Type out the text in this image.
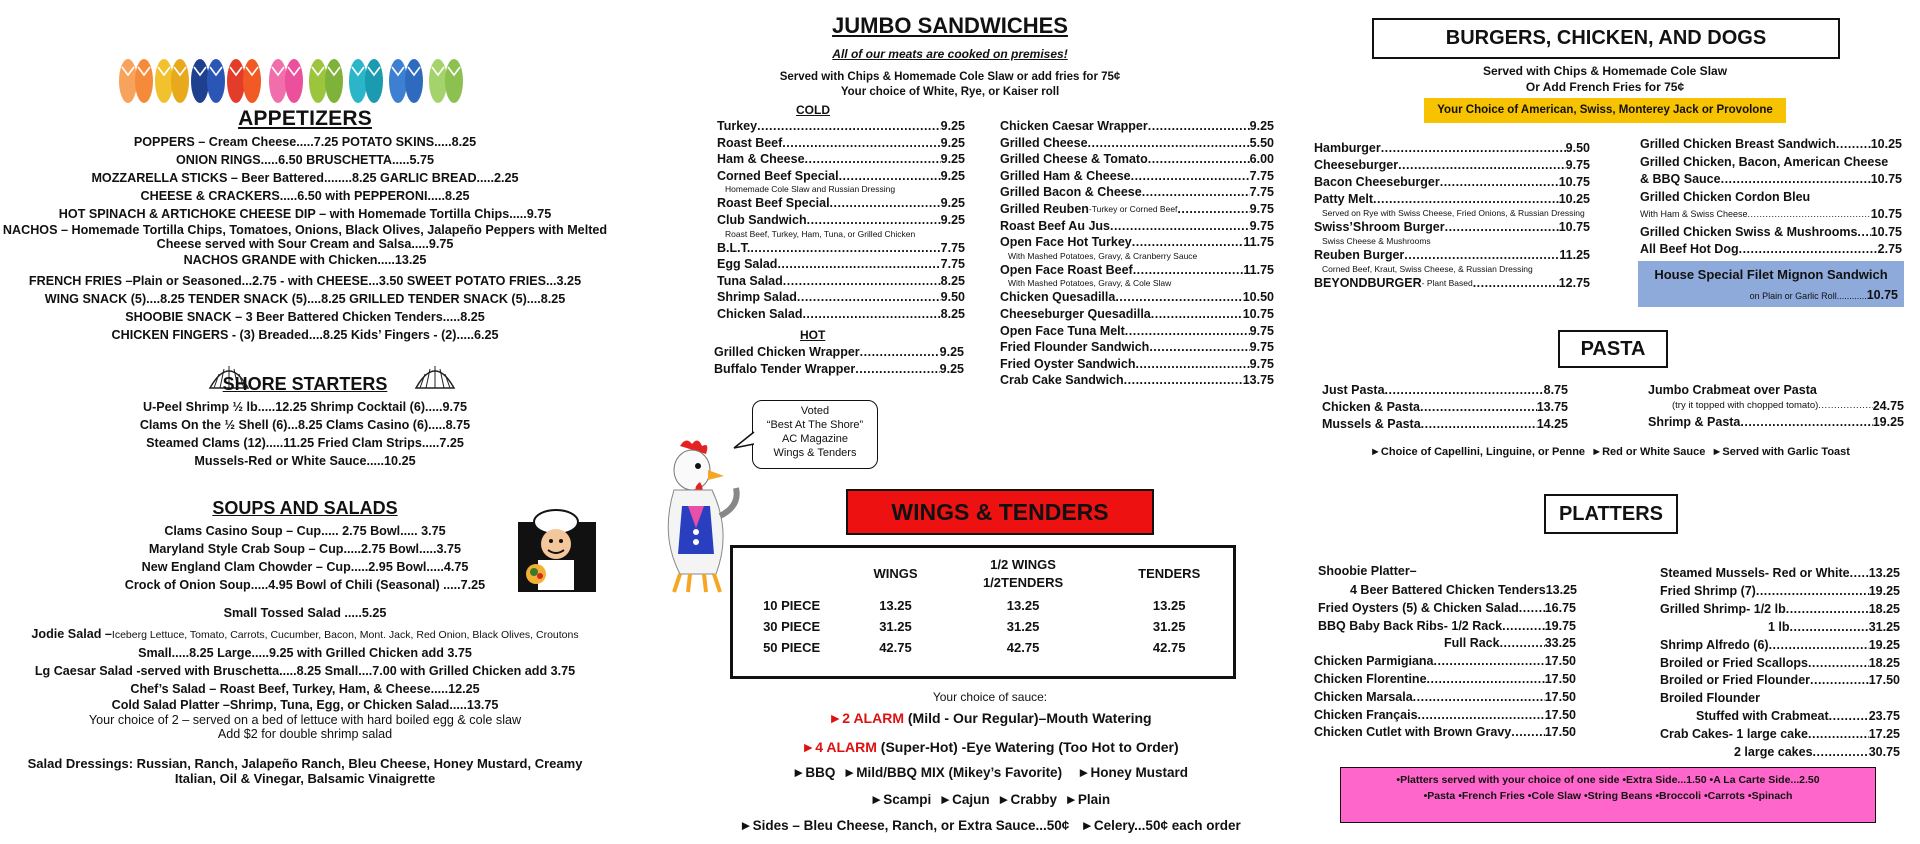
APPETIZERS
POPPERS – Cream Cheese.....7.25 POTATO SKINS.....8.25
ONION RINGS.....6.50 BRUSCHETTA.....5.75
MOZZARELLA STICKS – Beer Battered........8.25 GARLIC BREAD.....2.25
CHEESE & CRACKERS.....6.50 with PEPPERONI.....8.25
HOT SPINACH & ARTICHOKE CHEESE DIP – with Homemade Tortilla Chips.....9.75
NACHOS – Homemade Tortilla Chips, Tomatoes, Onions, Black Olives, Jalapeño Peppers with Melted
Cheese served with Sour Cream and Salsa.....9.75
NACHOS GRANDE with Chicken.....13.25
FRENCH FRIES –Plain or Seasoned...2.75 - with CHEESE...3.50 SWEET POTATO FRIES...3.25
WING SNACK (5)....8.25 TENDER SNACK (5)....8.25 GRILLED TENDER SNACK (5)....8.25
SHOOBIE SNACK – 3 Beer Battered Chicken Tenders.....8.25
CHICKEN FINGERS - (3) Breaded....8.25 Kids’ Fingers - (2).....6.25
SHORE STARTERS
U-Peel Shrimp ½ lb.....12.25 Shrimp Cocktail (6).....9.75
Clams On the ½ Shell (6)...8.25 Clams Casino (6).....8.75
Steamed Clams (12).....11.25 Fried Clam Strips.....7.25
Mussels-Red or White Sauce.....10.25
SOUPS AND SALADS
Clams Casino Soup – Cup..... 2.75 Bowl..... 3.75
Maryland Style Crab Soup – Cup.....2.75 Bowl.....3.75
New England Clam Chowder – Cup.....2.95 Bowl.....4.75
Crock of Onion Soup.....4.95 Bowl of Chili (Seasonal) .....7.25
Small Tossed Salad .....5.25
Jodie Salad –Iceberg Lettuce, Tomato, Carrots, Cucumber, Bacon, Mont. Jack, Red Onion, Black Olives, Croutons
Small.....8.25 Large.....9.25 with Grilled Chicken add 3.75
Lg Caesar Salad -served with Bruschetta.....8.25 Small....7.00 with Grilled Chicken add 3.75
Chef’s Salad – Roast Beef, Turkey, Ham, & Cheese.....12.25
Cold Salad Platter –Shrimp, Tuna, Egg, or Chicken Salad.....13.75
Your choice of 2 – served on a bed of lettuce with hard boiled egg & cole slaw
Add $2 for double shrimp salad
Salad Dressings: Russian, Ranch, Jalapeño Ranch, Bleu Cheese, Honey Mustard, Creamy
Italian, Oil & Vinegar, Balsamic Vinaigrette
JUMBO SANDWICHES
All of our meats are cooked on premises!
Served with Chips & Homemade Cole Slaw or add fries for 75¢
Your choice of White, Rye, or Kaiser roll
COLD
Turkey .....	9.25
Roast Beef .....	9.25
Ham & Cheese .....	9.25
Corned Beef Special .....	9.25
Homemade Cole Slaw and Russian Dressing
Roast Beef Special .....	9.25
Club Sandwich .....	9.25
Roast Beef, Turkey, Ham, Tuna, or Grilled Chicken
B.L.T. .....	7.75
Egg Salad .....	7.75
Tuna Salad .....	8.25
Shrimp Salad .....	9.50
Chicken Salad .....	8.25
HOT
Grilled Chicken Wrapper .....	9.25
Buffalo Tender Wrapper .....	9.25
Chicken Caesar Wrapper .....	9.25
Grilled Cheese .....	5.50
Grilled Cheese & Tomato .....	6.00
Grilled Ham & Cheese .....	7.75
Grilled Bacon & Cheese .....	7.75
Grilled Reuben -Turkey or Corned Beef .....	9.75
Roast Beef Au Jus .....	9.75
Open Face Hot Turkey .....	11.75
With Mashed Potatoes, Gravy, & Cranberry Sauce
Open Face Roast Beef .....	11.75
With Mashed Potatoes, Gravy, & Cole Slaw
Chicken Quesadilla .....	10.50
Cheeseburger Quesadilla .....	10.75
Open Face Tuna Melt .....	9.75
Fried Flounder Sandwich .....	9.75
Fried Oyster Sandwich .....	9.75
Crab Cake Sandwich .....	13.75
Voted
“Best At The Shore”
AC Magazine
Wings & Tenders
WINGS & TENDERS
	WINGS	1/2 WINGS
1/2TENDERS	TENDERS
10 PIECE	13.25	13.25	13.25
30 PIECE	31.25	31.25	31.25
50 PIECE	42.75	42.75	42.75
Your choice of sauce:
►2 ALARM (Mild - Our Regular)–Mouth Watering
►4 ALARM (Super-Hot) -Eye Watering (Too Hot to Order)
►BBQ ►Mild/BBQ MIX (Mikey’s Favorite) ►Honey Mustard
►Scampi ►Cajun ►Crabby ►Plain
►Sides – Bleu Cheese, Ranch, or Extra Sauce...50¢ ►Celery...50¢ each order
BURGERS, CHICKEN, AND DOGS
Served with Chips & Homemade Cole Slaw
Or Add French Fries for 75¢
Your Choice of American, Swiss, Monterey Jack or Provolone
Hamburger .....	9.50
Cheeseburger .....	9.75
Bacon Cheeseburger .....	10.75
Patty Melt .....	10.25
Served on Rye with Swiss Cheese, Fried Onions, & Russian Dressing
Swiss’Shroom Burger .....	10.75
Swiss Cheese & Mushrooms
Reuben Burger .....	11.25
Corned Beef, Kraut, Swiss Cheese, & Russian Dressing
BEYONDBURGER - Plant Based .....	12.75
Grilled Chicken Breast Sandwich .....	10.25
Grilled Chicken, Bacon, American Cheese
& BBQ Sauce .....	10.75
Grilled Chicken Cordon Bleu
With Ham & Swiss Cheese .....	10.75
Grilled Chicken Swiss & Mushrooms ..... 10.75
All Beef Hot Dog .....	2.75
House Special Filet Mignon Sandwich
on Plain or Garlic Roll............10.75
PASTA
Just Pasta .....	8.75
Chicken & Pasta .....	13.75
Mussels & Pasta .....	14.25
Jumbo Crabmeat over Pasta
(try it topped with chopped tomato) .....	24.75
Shrimp & Pasta .....	19.25
►Choice of Capellini, Linguine, or Penne ►Red or White Sauce ►Served with Garlic Toast
PLATTERS
Shoobie Platter–
4 Beer Battered Chicken Tenders 13.25
Fried Oysters (5) & Chicken Salad ..... 16.75
BBQ Baby Back Ribs- 1/2 Rack .....	19.75
Full Rack .....	33.25
Chicken Parmigiana .....	17.50
Chicken Florentine .....	17.50
Chicken Marsala .....	17.50
Chicken Français .....	17.50
Chicken Cutlet with Brown Gravy .....	17.50
Steamed Mussels- Red or White ..... 13.25
Fried Shrimp (7) .....	19.25
Grilled Shrimp- 1/2 lb .....	18.25
1 lb .....	31.25
Shrimp Alfredo (6) .....	19.25
Broiled or Fried Scallops .....	18.25
Broiled or Fried Flounder .....	17.50
Broiled Flounder
Stuffed with Crabmeat .....	23.75
Crab Cakes- 1 large cake .....	17.25
2 large cakes .....	30.75
•Platters served with your choice of one side •Extra Side...1.50 •A La Carte Side...2.50
•Pasta •French Fries •Cole Slaw •String Beans •Broccoli •Carrots •Spinach
